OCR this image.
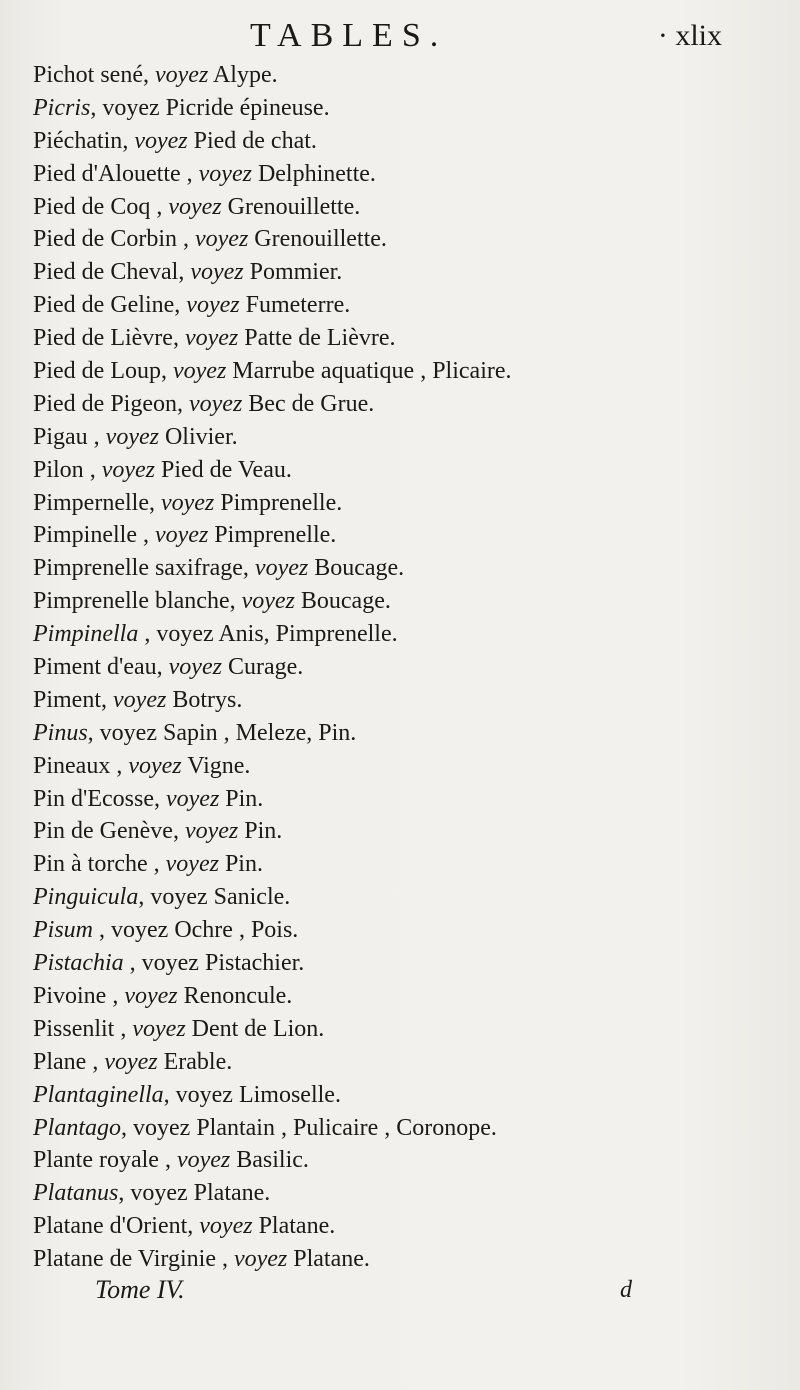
TABLES.	· xlix
Pichot sené, voyez Alype.
Picris, voyez Picride épineuse.
Piéchatin, voyez Pied de chat.
Pied d'Alouette , voyez Delphinette.
Pied de Coq , voyez Grenouillette.
Pied de Corbin , voyez Grenouillette.
Pied de Cheval, voyez Pommier.
Pied de Geline, voyez Fumeterre.
Pied de Lièvre, voyez Patte de Lièvre.
Pied de Loup, voyez Marrube aquatique , Plicaire.
Pied de Pigeon, voyez Bec de Grue.
Pigau , voyez Olivier.
Pilon , voyez Pied de Veau.
Pimpernelle, voyez Pimprenelle.
Pimpinelle , voyez Pimprenelle.
Pimprenelle saxifrage, voyez Boucage.
Pimprenelle blanche, voyez Boucage.
Pimpinella , voyez Anis, Pimprenelle.
Piment d'eau, voyez Curage.
Piment, voyez Botrys.
Pinus, voyez Sapin , Meleze, Pin.
Pineaux , voyez Vigne.
Pin d'Ecosse, voyez Pin.
Pin de Genève, voyez Pin.
Pin à torche , voyez Pin.
Pinguicula, voyez Sanicle.
Pisum , voyez Ochre , Pois.
Pistachia , voyez Pistachier.
Pivoine , voyez Renoncule.
Pissenlit , voyez Dent de Lion.
Plane , voyez Erable.
Plantaginella, voyez Limoselle.
Plantago, voyez Plantain , Pulicaire , Coronope.
Plante royale , voyez Basilic.
Platanus, voyez Platane.
Platane d'Orient, voyez Platane.
Platane de Virginie , voyez Platane.
Tome IV.	d
